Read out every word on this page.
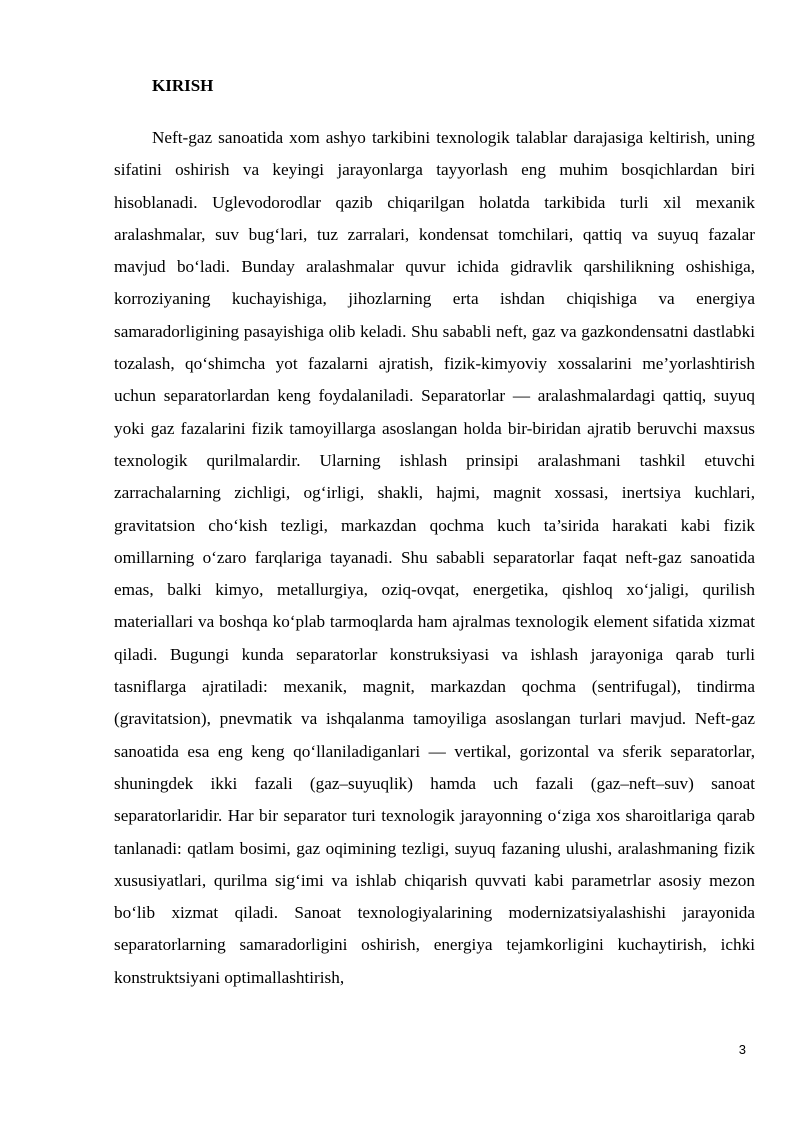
KIRISH

Neft-gaz sanoatida xom ashyo tarkibini texnologik talablar darajasiga keltirish, uning sifatini oshirish va keyingi jarayonlarga tayyorlash eng muhim bosqichlardan biri hisoblanadi. Uglevodorodlar qazib chiqarilgan holatda tarkibida turli xil mexanik aralashmalar, suv bug‘lari, tuz zarralari, kondensat tomchilari, qattiq va suyuq fazalar mavjud bo‘ladi. Bunday aralashmalar quvur ichida gidravlik qarshilikning oshishiga, korroziyaning kuchayishiga, jihozlarning erta ishdan chiqishiga va energiya samaradorligining pasayishiga olib keladi. Shu sababli neft, gaz va gazkondensatni dastlabki tozalash, qo‘shimcha yot fazalarni ajratish, fizik-kimyoviy xossalarini me’yorlashtirish uchun separatorlardan keng foydalaniladi. Separatorlar — aralashmalardagi qattiq, suyuq yoki gaz fazalarini fizik tamoyillarga asoslangan holda bir-biridan ajratib beruvchi maxsus texnologik qurilmalardir. Ularning ishlash prinsipi aralashmani tashkil etuvchi zarrachalarning zichligi, og‘irligi, shakli, hajmi, magnit xossasi, inertsiya kuchlari, gravitatsion cho‘kish tezligi, markazdan qochma kuch ta’sirida harakati kabi fizik omillarning o‘zaro farqlariga tayanadi. Shu sababli separatorlar faqat neft-gaz sanoatida emas, balki kimyo, metallurgiya, oziq-ovqat, energetika, qishloq xo‘jaligi, qurilish materiallari va boshqa ko‘plab tarmoqlarda ham ajralmas texnologik element sifatida xizmat qiladi. Bugungi kunda separatorlar konstruksiyasi va ishlash jarayoniga qarab turli tasniflarga ajratiladi: mexanik, magnit, markazdan qochma (sentrifugal), tindirma (gravitatsion), pnevmatik va ishqalanma tamoyiliga asoslangan turlari mavjud. Neft-gaz sanoatida esa eng keng qo‘llaniladiganlari — vertikal, gorizontal va sferik separatorlar, shuningdek ikki fazali (gaz–suyuqlik) hamda uch fazali (gaz–neft–suv) sanoat separatorlaridir. Har bir separator turi texnologik jarayonning o‘ziga xos sharoitlariga qarab tanlanadi: qatlam bosimi, gaz oqimining tezligi, suyuq fazaning ulushi, aralashmaning fizik xususiyatlari, qurilma sig‘imi va ishlab chiqarish quvvati kabi parametrlar asosiy mezon bo‘lib xizmat qiladi. Sanoat texnologiyalarining modernizatsiyalashishi jarayonida separatorlarning samaradorligini oshirish, energiya tejamkorligini kuchaytirish, ichki konstruktsiyani optimallashtirish,

3
